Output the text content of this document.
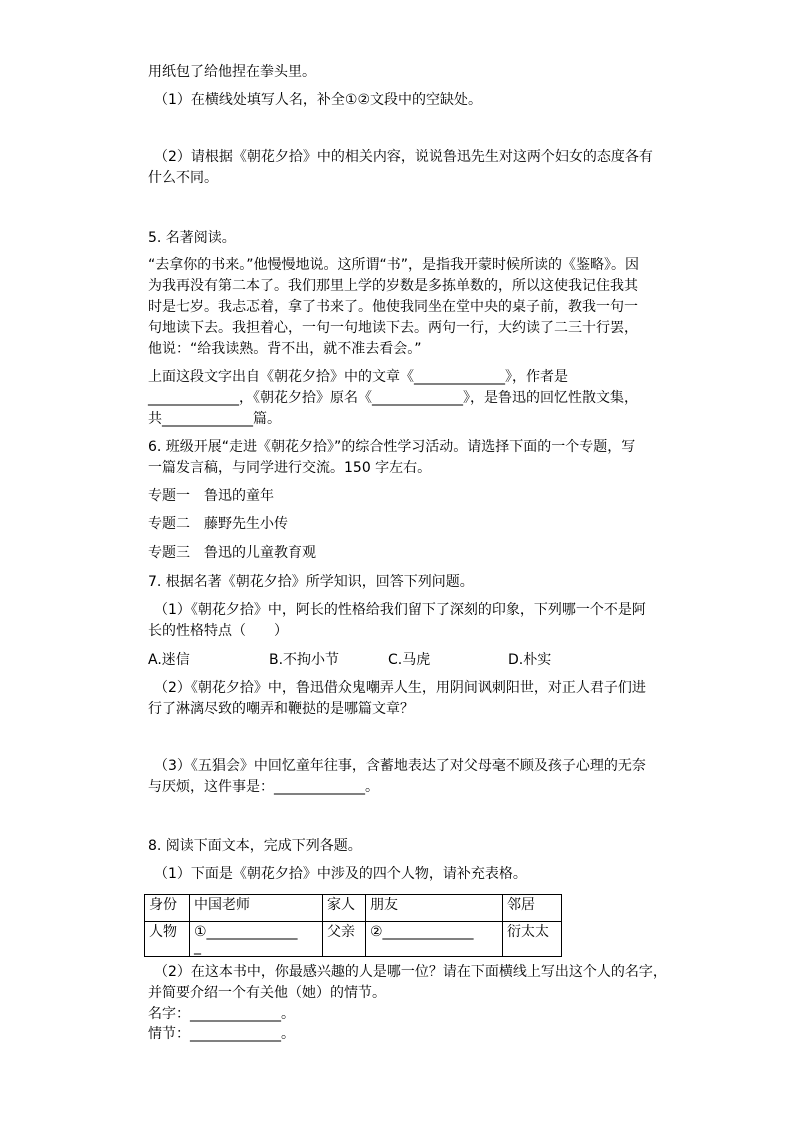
用纸包了给他捏在拳头里。
（1）在横线处填写人名，补全①②文段中的空缺处。
（2）请根据《朝花夕拾》中的相关内容，说说鲁迅先生对这两个妇女的态度各有
什么不同。
5. 名著阅读。
“去拿你的书来。”他慢慢地说。这所谓“书”，是指我开蒙时候所读的《鉴略》。因
为我再没有第二本了。我们那里上学的岁数是多拣单数的，所以这使我记住我其
时是七岁。我忐忑着，拿了书来了。他使我同坐在堂中央的桌子前，教我一句一
句地读下去。我担着心，一句一句地读下去。两句一行，大约读了二三十行罢，
他说：“给我读熟。背不出，就不准去看会。”
上面这段文字出自《朝花夕拾》中的文章《_____________》，作者是
_____________，《朝花夕拾》原名《_____________》，是鲁迅的回忆性散文集，
共_____________篇。
6. 班级开展“走进《朝花夕拾》”的综合性学习活动。请选择下面的一个专题，写
一篇发言稿，与同学进行交流。150 字左右。
专题一　鲁迅的童年
专题二　藤野先生小传
专题三　鲁迅的儿童教育观
7. 根据名著《朝花夕拾》所学知识，回答下列问题。
（1）《朝花夕拾》中，阿长的性格给我们留下了深刻的印象，下列哪一个不是阿
长的性格特点（　　）
A.迷信	B.不拘小节	C.马虎	D.朴实
（2）《朝花夕拾》中，鲁迅借众鬼嘲弄人生，用阴间讽刺阳世，对正人君子们进
行了淋漓尽致的嘲弄和鞭挞的是哪篇文章？
（3）《五猖会》中回忆童年往事，含蓄地表达了对父母毫不顾及孩子心理的无奈
与厌烦，这件事是：_____________。
8. 阅读下面文本，完成下列各题。
（1）下面是《朝花夕拾》中涉及的四个人物，请补充表格。
身份	中国老师	家人	朋友	邻居
人物	①_____________
_	父亲	②_____________	衍太太
（2）在这本书中，你最感兴趣的人是哪一位？请在下面横线上写出这个人的名字，
并简要介绍一个有关他（她）的情节。
名字：_____________。
情节：_____________。
